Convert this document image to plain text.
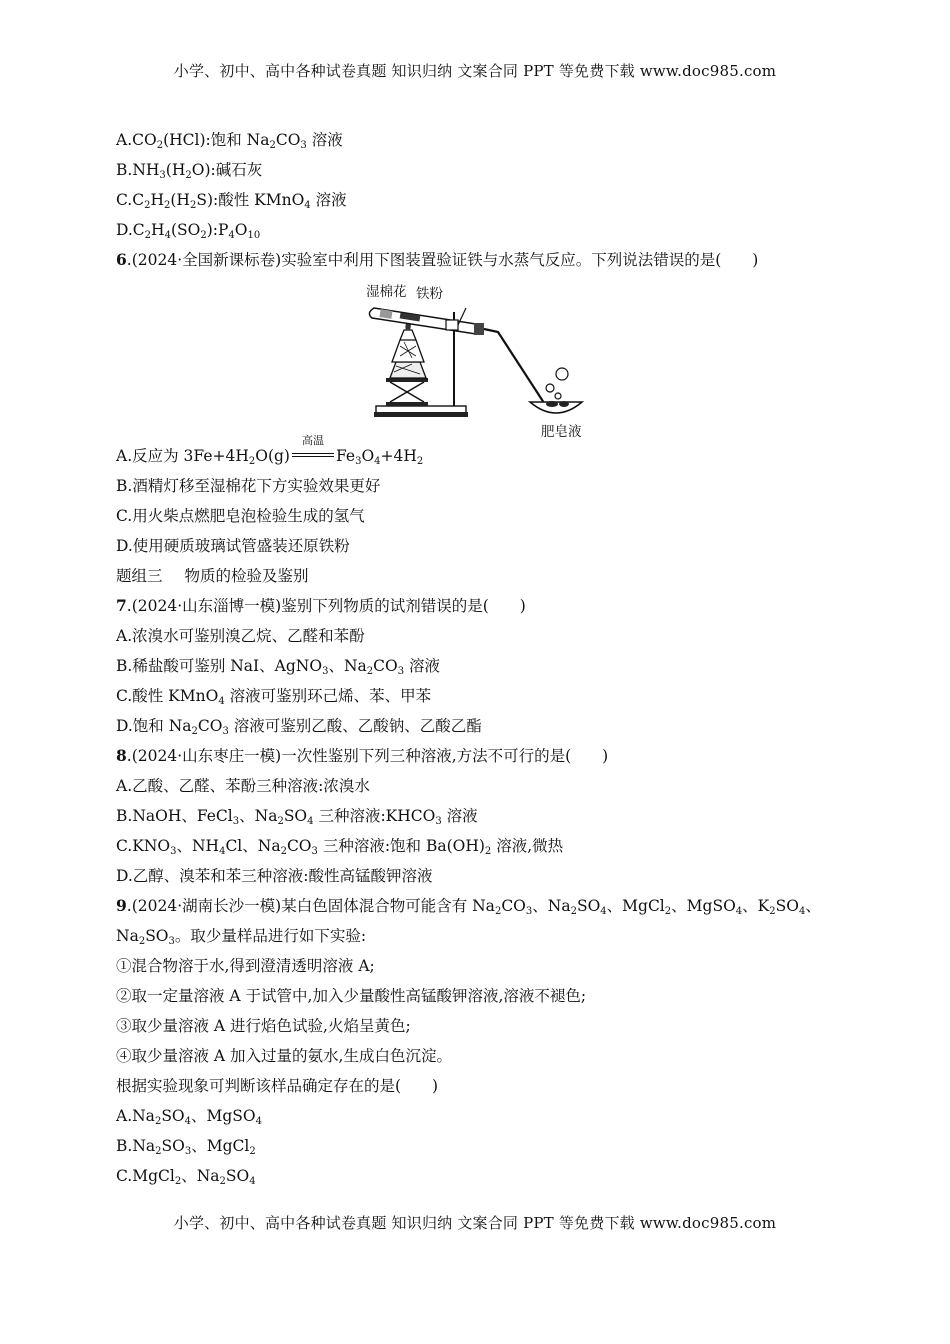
小学、初中、高中各种试卷真题 知识归纳 文案合同 PPT 等免费下载 www.doc985.com
$A.CO_2(HCl)$:饱和 $Na_2CO_3$ 溶液
$B.NH_3(H_2O)$:碱石灰
$C.C_2H_2(H_2S)$:酸性 KMnO$_4$ 溶液
$D.C_2H_4(SO_2):P_4O_{10}$
6.(2024·全国新课标卷)实验室中利用下图装置验证铁与水蒸气反应。下列说法错误的是(　　)
湿棉花 铁粉
肥皂液
A.反应为 $3Fe+4H_2O(g)$
高温
$Fe_3O_4+4H_2$
B.酒精灯移至湿棉花下方实验效果更好
C.用火柴点燃肥皂泡检验生成的氢气
D.使用硬质玻璃试管盛装还原铁粉
题组三 物质的检验及鉴别
7.(2024·山东淄博一模)鉴别下列物质的试剂错误的是(　　)
A.浓溴水可鉴别溴乙烷、乙醛和苯酚
B.稀盐酸可鉴别 NaI、AgNO$_3$、$Na_2CO_3$ 溶液
C.酸性 KMnO$_4$ 溶液可鉴别环己烯、苯、甲苯
D.饱和 $Na_2CO_3$ 溶液可鉴别乙酸、乙酸钠、乙酸乙酯
8.(2024·山东枣庄一模)一次性鉴别下列三种溶液,方法不可行的是(　　)
A.乙酸、乙醛、苯酚三种溶液:浓溴水
B.NaOH、FeCl$_3$、$Na_2SO_4$ 三种溶液$:KHCO_3$ 溶液
$C.KNO_3$、$NH_4Cl$、$Na_2CO_3$ 三种溶液:饱和 $Ba(OH)_2$ 溶液,微热
D.乙醇、溴苯和苯三种溶液:酸性高锰酸钾溶液
9.(2024·湖南长沙一模)某白色固体混合物可能含有 $Na_2CO_3$、$Na_2SO_4$、MgCl$_2$、MgSO$_4$、$K_2SO_4$、
$Na_2SO_3$。取少量样品进行如下实验:
①混合物溶于水,得到澄清透明溶液 A;
②取一定量溶液 A 于试管中,加入少量酸性高锰酸钾溶液,溶液不褪色;
③取少量溶液 A 进行焰色试验,火焰呈黄色;
④取少量溶液 A 加入过量的氨水,生成白色沉淀。
根据实验现象可判断该样品确定存在的是(　　)
$A.Na_2SO_4$、MgSO$_4$
$B.Na_2SO_3$、MgCl$_2$
C.MgCl$_2$、$Na_2SO_4$
小学、初中、高中各种试卷真题 知识归纳 文案合同 PPT 等免费下载 www.doc985.com
